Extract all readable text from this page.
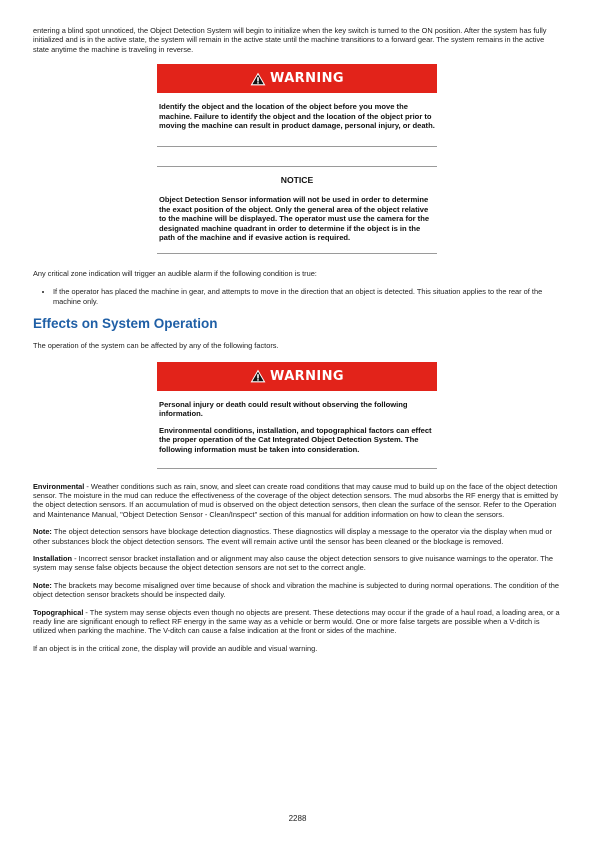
entering a blind spot unnoticed, the Object Detection System will begin to initialize when the key switch is turned to the ON position. After the system has fully initialized and is in the active state, the system will remain in the active state until the machine transitions to a forward gear. The system remains in the active state anytime the machine is traveling in reverse.

WARNING

Identify the object and the location of the object before you move the machine. Failure to identify the object and the location of the object prior to moving the machine can result in product damage, personal injury, or death.

NOTICE

Object Detection Sensor information will not be used in order to determine the exact position of the object. Only the general area of the object relative to the machine will be displayed. The operator must use the camera for the designated machine quadrant in order to determine if the object is in the path of the machine and if evasive action is required.

Any critical zone indication will trigger an audible alarm if the following condition is true:

• If the operator has placed the machine in gear, and attempts to move in the direction that an object is detected. This situation applies to the rear of the machine only.
Effects on System Operation

The operation of the system can be affected by any of the following factors.

WARNING

Personal injury or death could result without observing the following information.

Environmental conditions, installation, and topographical factors can effect the proper operation of the Cat Integrated Object Detection System. The following information must be taken into consideration.

Environmental - Weather conditions such as rain, snow, and sleet can create road conditions that may cause mud to build up on the face of the object detection sensor. The moisture in the mud can reduce the effectiveness of the coverage of the object detection sensors. The mud absorbs the RF energy that is emitted by the object detection sensors. If an accumulation of mud is observed on the object detection sensors, then clean the surface of the sensor. Refer to the Operation and Maintenance Manual, "Object Detection Sensor - Clean/Inspect" section of this manual for addition information on how to clean the sensors.

Note: The object detection sensors have blockage detection diagnostics. These diagnostics will display a message to the operator via the display when mud or other substances block the object detection sensors. The event will remain active until the sensor has been cleaned or the blockage is removed.

Installation - Incorrect sensor bracket installation and or alignment may also cause the object detection sensors to give nuisance warnings to the operator. The system may sense false objects because the object detection sensors are not set to the correct angle.

Note: The brackets may become misaligned over time because of shock and vibration the machine is subjected to during normal operations. The condition of the object detection sensor brackets should be inspected daily.

Topographical - The system may sense objects even though no objects are present. These detections may occur if the grade of a haul road, a loading area, or a ready line are significant enough to reflect RF energy in the same way as a vehicle or berm would. One or more false targets are possible when a V-ditch is utilized when parking the machine. The V-ditch can cause a false indication at the front or sides of the machine.

If an object is in the critical zone, the display will provide an audible and visual warning.

2288
